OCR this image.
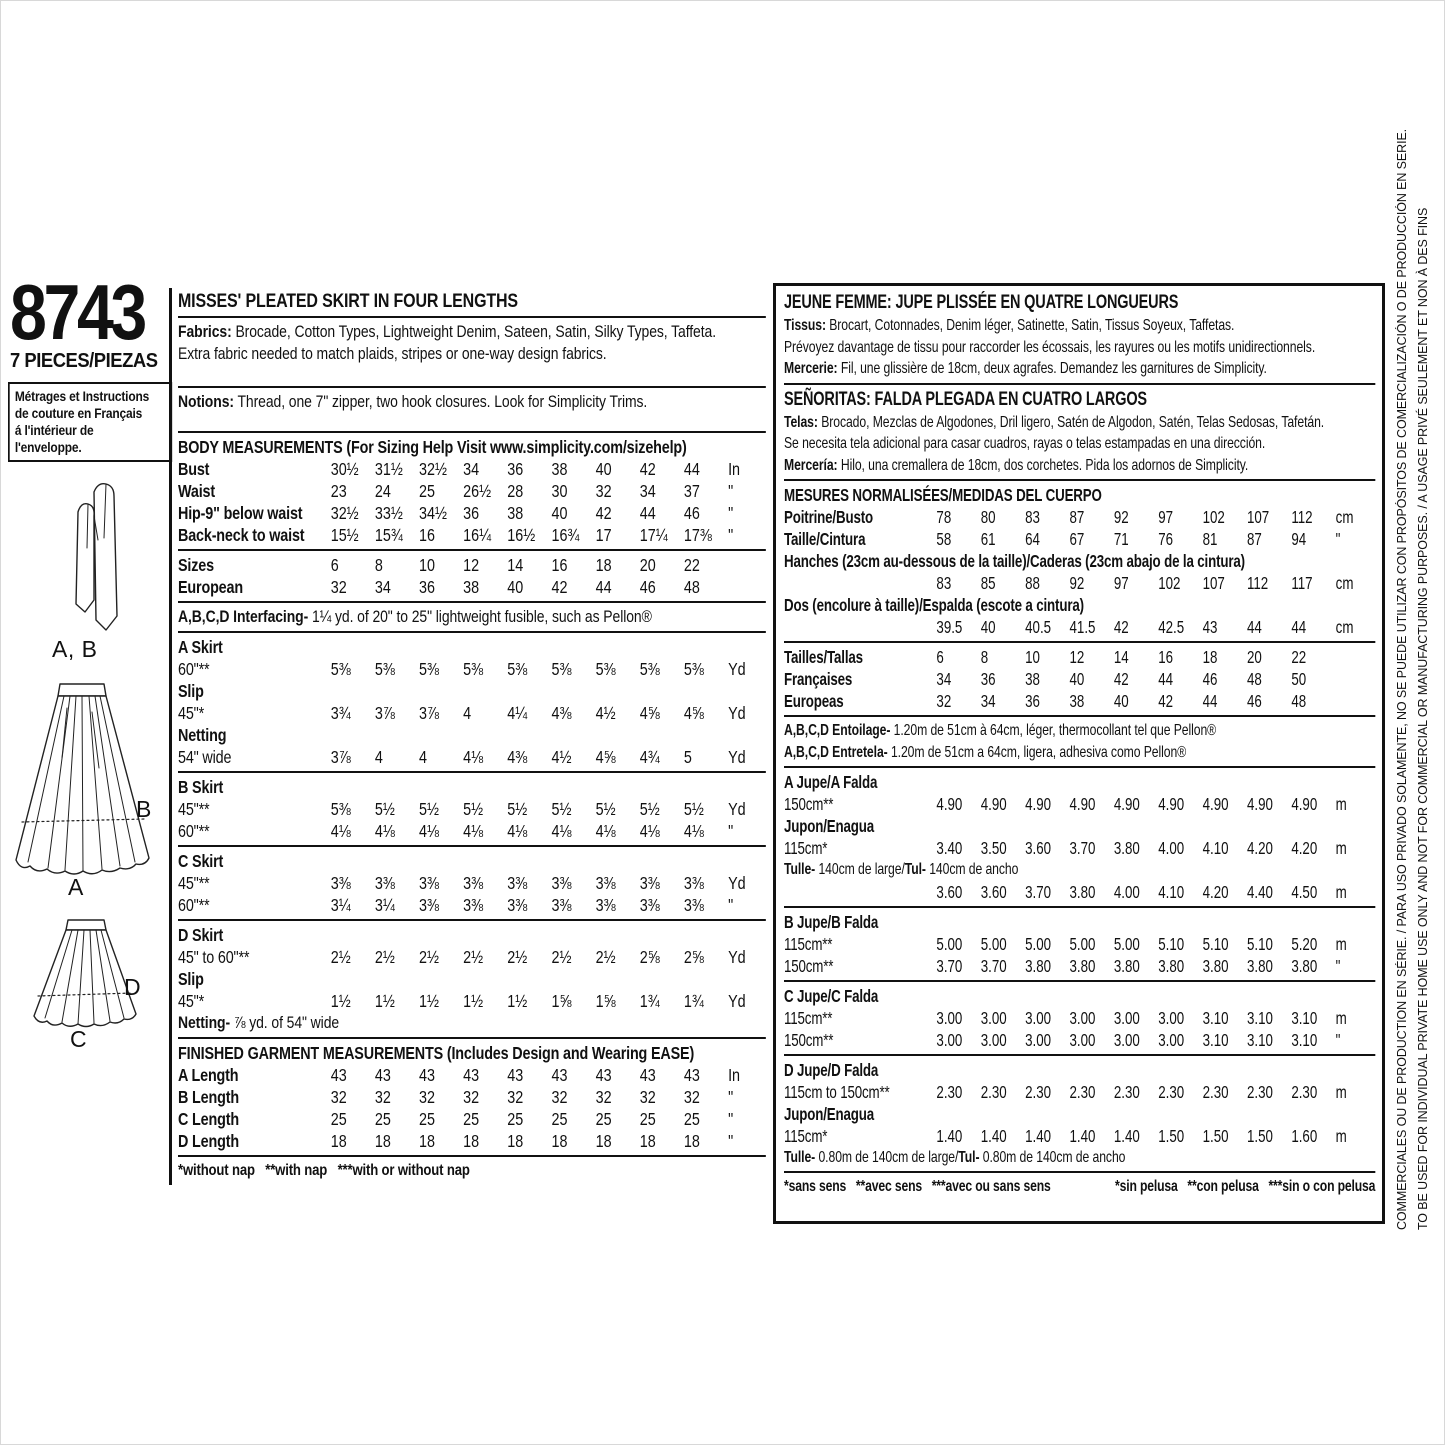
8743
7 PIECES/PIEZAS
Métrages et Instructions
de couture en Français
á l'intérieur de
l'enveloppe.
A, B
B
A
D
C
MISSES' PLEATED SKIRT IN FOUR LENGTHS
Fabrics: Brocade, Cotton Types, Lightweight Denim, Sateen, Satin, Silky Types, Taffeta.
Extra fabric needed to match plaids, stripes or one-way design fabrics.
Notions: Thread, one 7" zipper, two hook closures. Look for Simplicity Trims.
BODY MEASUREMENTS (For Sizing Help Visit www.simplicity.com/sizehelp)
Bust	30½ 31½ 32½ 34	36	38	40	42	44	In
Waist	23	24	25	26½ 28	30	32	34	37	"
Hip-9" below waist	32½ 33½ 34½ 36	38	40	42	44	46	"
Back-neck to waist	15½ 15¾ 16	16¼ 16½ 16¾ 17	17¼ 17⅜ "
Sizes	6	8	10	12	14	16	18	20	22
European	32	34	36	38	40	42	44	46	48
A,B,C,D Interfacing- 1¼ yd. of 20" to 25" lightweight fusible, such as Pellon®
A Skirt
60"**	5⅜	5⅜	5⅜	5⅜	5⅜	5⅜	5⅜	5⅜	5⅜	Yd
Slip
45"*	3¾	3⅞	3⅞	4	4¼	4⅜	4½	4⅝	4⅝	Yd
Netting
54" wide	3⅞	4	4	4⅛	4⅜	4½	4⅝	4¾	5	Yd
B Skirt
45"**	5⅜	5½	5½	5½	5½	5½	5½	5½	5½	Yd
60"**	4⅛	4⅛	4⅛	4⅛	4⅛	4⅛	4⅛	4⅛	4⅛	"
C Skirt
45"**	3⅜	3⅜	3⅜	3⅜	3⅜	3⅜	3⅜	3⅜	3⅜	Yd
60"**	3¼	3¼	3⅜	3⅜	3⅜	3⅜	3⅜	3⅜	3⅜	"
D Skirt
45" to 60"**	2½	2½	2½	2½	2½	2½	2½	2⅝	2⅝	Yd
Slip
45"*	1½	1½	1½	1½	1½	1⅝	1⅝	1¾	1¾	Yd
Netting- ⅞ yd. of 54" wide
FINISHED GARMENT MEASUREMENTS (Includes Design and Wearing EASE)
A Length	43	43	43	43	43	43	43	43	43	In
B Length	32	32	32	32	32	32	32	32	32	"
C Length	25	25	25	25	25	25	25	25	25	"
D Length	18	18	18	18	18	18	18	18	18	"
*without nap   **with nap   ***with or without nap
JEUNE FEMME: JUPE PLISSÉE EN QUATRE LONGUEURS
Tissus: Brocart, Cotonnades, Denim léger, Satinette, Satin, Tissus Soyeux, Taffetas.
Prévoyez davantage de tissu pour raccorder les écossais, les rayures ou les motifs unidirectionnels.
Mercerie: Fil, une glissière de 18cm, deux agrafes. Demandez les garnitures de Simplicity.
SEÑORITAS: FALDA PLEGADA EN CUATRO LARGOS
Telas: Brocado, Mezclas de Algodones, Dril ligero, Satén de Algodon, Satén, Telas Sedosas, Tafetán.
Se necesita tela adicional para casar cuadros, rayas o telas estampadas en una dirección.
Mercería: Hilo, una cremallera de 18cm, dos corchetes. Pida los adornos de Simplicity.
MESURES NORMALISÉES/MEDIDAS DEL CUERPO
Poitrine/Busto	78	80	83	87	92	97	102	107	112	cm
Taille/Cintura	58	61	64	67	71	76	81	87	94	"
Hanches (23cm au-dessous de la taille)/Caderas (23cm abajo de la cintura)
83	85	88	92	97	102	107	112	117	cm
Dos (encolure à taille)/Espalda (escote a cintura)
39.5	40	40.5	41.5	42	42.5	43	44	44	cm
Tailles/Tallas	6	8	10	12	14	16	18	20	22
Françaises	34	36	38	40	42	44	46	48	50
Europeas	32	34	36	38	40	42	44	46	48
A,B,C,D Entoilage- 1.20m de 51cm à 64cm, léger, thermocollant tel que Pellon®
A,B,C,D Entretela- 1.20m de 51cm a 64cm, ligera, adhesiva como Pellon®
A Jupe/A Falda
150cm**	4.90	4.90	4.90	4.90	4.90	4.90	4.90	4.90	4.90	m
Jupon/Enagua
115cm*	3.40	3.50	3.60	3.70	3.80	4.00	4.10	4.20	4.20	m
Tulle- 140cm de large/Tul- 140cm de ancho
3.60	3.60	3.70	3.80	4.00	4.10	4.20	4.40	4.50	m
B Jupe/B Falda
115cm**	5.00	5.00	5.00	5.00	5.00	5.10	5.10	5.10	5.20	m
150cm**	3.70	3.70	3.80	3.80	3.80	3.80	3.80	3.80	3.80	"
C Jupe/C Falda
115cm**	3.00	3.00	3.00	3.00	3.00	3.00	3.10	3.10	3.10	m
150cm**	3.00	3.00	3.00	3.00	3.00	3.00	3.10	3.10	3.10	"
D Jupe/D Falda
115cm to 150cm**	2.30	2.30	2.30	2.30	2.30	2.30	2.30	2.30	2.30	m
Jupon/Enagua
115cm*	1.40	1.40	1.40	1.40	1.40	1.50	1.50	1.50	1.60	m
Tulle- 0.80m de 140cm de large/Tul- 0.80m de 140cm de ancho
*sans sens   **avec sens   ***avec ou sans sens	*sin pelusa   **con pelusa   ***sin o con pelusa	TO BE USED FOR INDIVIDUAL PRIVATE HOME USE ONLY AND NOT FOR COMMERCIAL OR MANUFACTURING PURPOSES. / A USAGE PRIVÉ SEULEMENT ET NON À DES FINS
COMMERCIALES OU DE PRODUCTION EN SÉRIE. / PARA USO PRIVADO SOLAMENTE, NO SE PUEDE UTILIZAR CON PROPÓSITOS DE COMERCIALIZACIÓN O DE PRODUCCIÓN EN SERIE.
